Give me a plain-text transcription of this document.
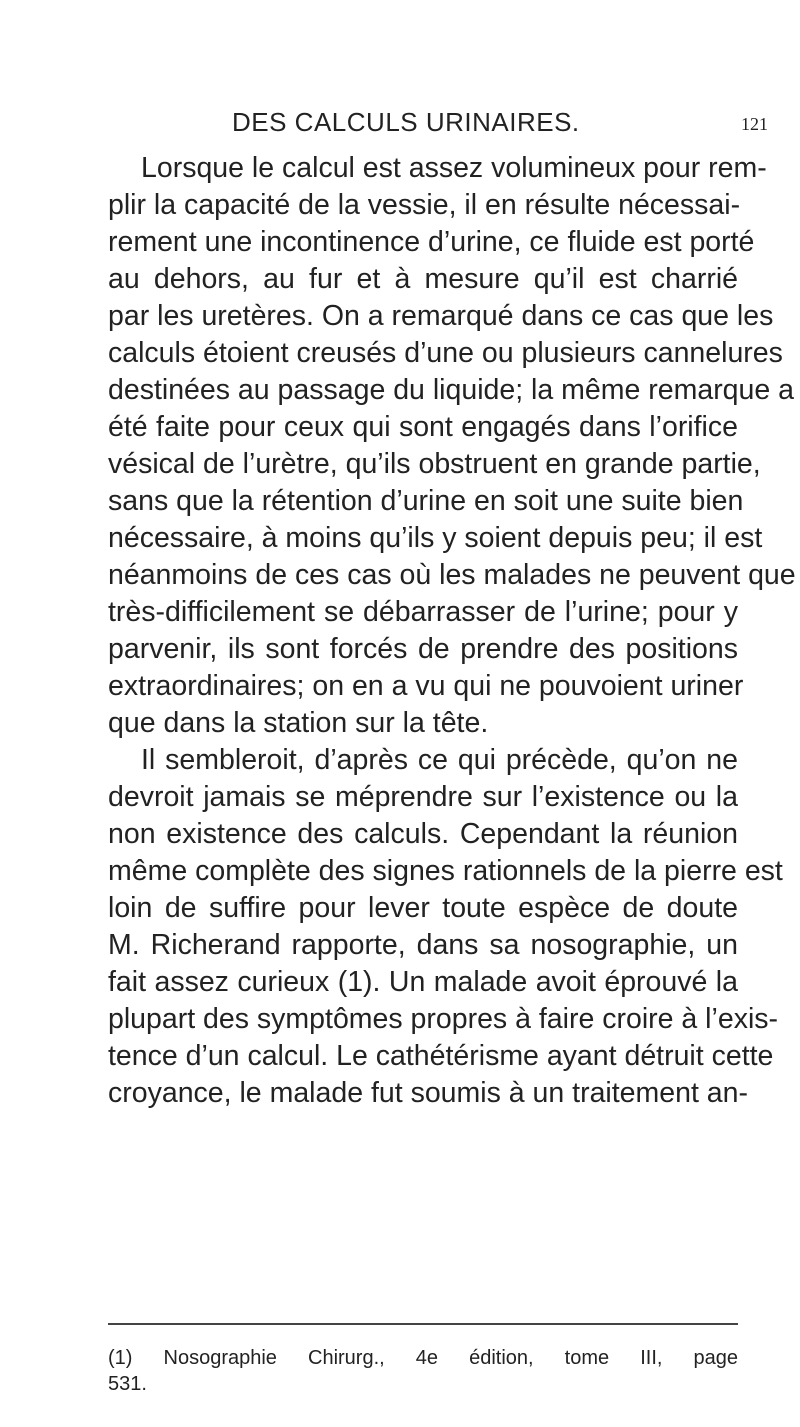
DES CALCULS URINAIRES.	121
Lorsque le calcul est assez volumineux pour rem-
plir la capacité de la vessie, il en résulte nécessai-
rement une incontinence d’urine, ce fluide est porté
au dehors, au fur et à mesure qu’il est charrié
par les uretères. On a remarqué dans ce cas que les
calculs étoient creusés d’une ou plusieurs cannelures
destinées au passage du liquide; la même remarque a
été faite pour ceux qui sont engagés dans l’orifice
vésical de l’urètre, qu’ils obstruent en grande partie,
sans que la rétention d’urine en soit une suite bien
nécessaire, à moins qu’ils y soient depuis peu; il est
néanmoins de ces cas où les malades ne peuvent que
très-difficilement se débarrasser de l’urine; pour y
parvenir, ils sont forcés de prendre des positions
extraordinaires; on en a vu qui ne pouvoient uriner
que dans la station sur la tête.
Il sembleroit, d’après ce qui précède, qu’on ne
devroit jamais se méprendre sur l’existence ou la
non existence des calculs. Cependant la réunion
même complète des signes rationnels de la pierre est
loin de suffire pour lever toute espèce de doute
M. Richerand rapporte, dans sa nosographie, un
fait assez curieux (1). Un malade avoit éprouvé la
plupart des symptômes propres à faire croire à l’exis-
tence d’un calcul. Le cathétérisme ayant détruit cette
croyance, le malade fut soumis à un traitement an-
(1) Nosographie Chirurg., 4e édition, tome III, page
531.
